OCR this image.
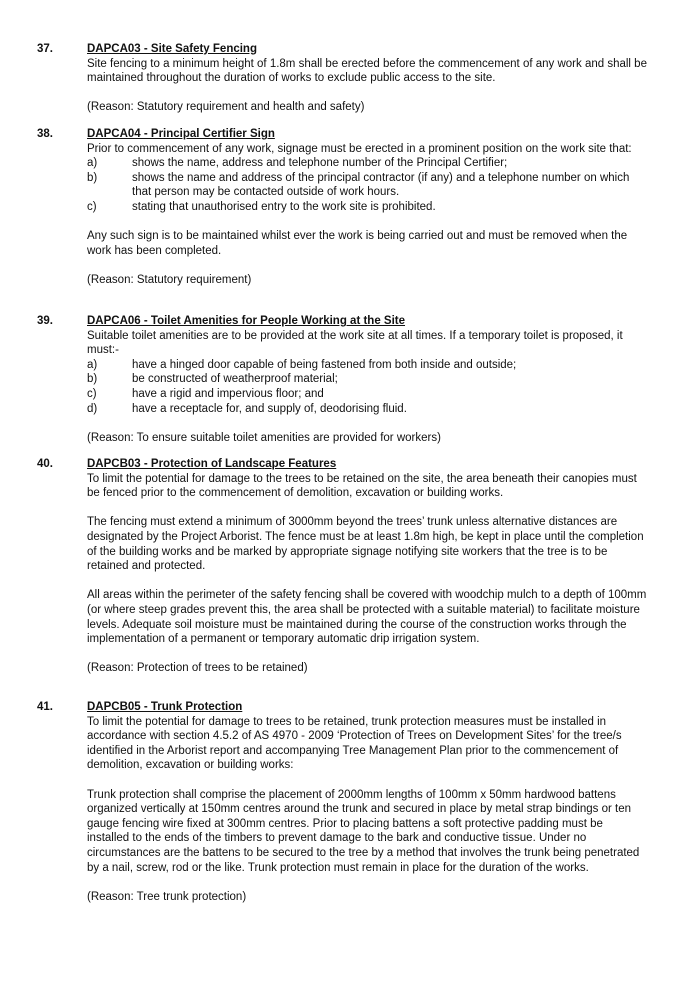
37.	DAPCA03 - Site Safety Fencing

Site fencing to a minimum height of 1.8m shall be erected before the commencement of any work and shall be maintained throughout the duration of works to exclude public access to the site.

(Reason: Statutory requirement and health and safety)

38.	DAPCA04 - Principal Certifier Sign

Prior to commencement of any work, signage must be erected in a prominent position on the work site that:

a)	shows the name, address and telephone number of the Principal Certifier;
b)	shows the name and address of the principal contractor (if any) and a telephone number on which that person may be contacted outside of work hours.
c)	stating that unauthorised entry to the work site is prohibited.

Any such sign is to be maintained whilst ever the work is being carried out and must be removed when the work has been completed.

(Reason: Statutory requirement)

39.	DAPCA06 - Toilet Amenities for People Working at the Site

Suitable toilet amenities are to be provided at the work site at all times. If a temporary toilet is proposed, it must:-

a)	have a hinged door capable of being fastened from both inside and outside;
b)	be constructed of weatherproof material;
c)	have a rigid and impervious floor; and
d)	have a receptacle for, and supply of, deodorising fluid.

(Reason: To ensure suitable toilet amenities are provided for workers)

40.	DAPCB03 - Protection of Landscape Features

To limit the potential for damage to the trees to be retained on the site, the area beneath their canopies must be fenced prior to the commencement of demolition, excavation or building works.

The fencing must extend a minimum of 3000mm beyond the trees’ trunk unless alternative distances are designated by the Project Arborist. The fence must be at least 1.8m high, be kept in place until the completion of the building works and be marked by appropriate signage notifying site workers that the tree is to be retained and protected.

All areas within the perimeter of the safety fencing shall be covered with woodchip mulch to a depth of 100mm (or where steep grades prevent this, the area shall be protected with a suitable material) to facilitate moisture levels. Adequate soil moisture must be maintained during the course of the construction works through the implementation of a permanent or temporary automatic drip irrigation system.

(Reason: Protection of trees to be retained)

41.	DAPCB05 - Trunk Protection

To limit the potential for damage to trees to be retained, trunk protection measures must be installed in accordance with section 4.5.2 of AS 4970 - 2009 ‘Protection of Trees on Development Sites’ for the tree/s identified in the Arborist report and accompanying Tree Management Plan prior to the commencement of demolition, excavation or building works:

Trunk protection shall comprise the placement of 2000mm lengths of 100mm x 50mm hardwood battens organized vertically at 150mm centres around the trunk and secured in place by metal strap bindings or ten gauge fencing wire fixed at 300mm centres. Prior to placing battens a soft protective padding must be installed to the ends of the timbers to prevent damage to the bark and conductive tissue. Under no circumstances are the battens to be secured to the tree by a method that involves the trunk being penetrated by a nail, screw, rod or the like. Trunk protection must remain in place for the duration of the works.

(Reason: Tree trunk protection)
